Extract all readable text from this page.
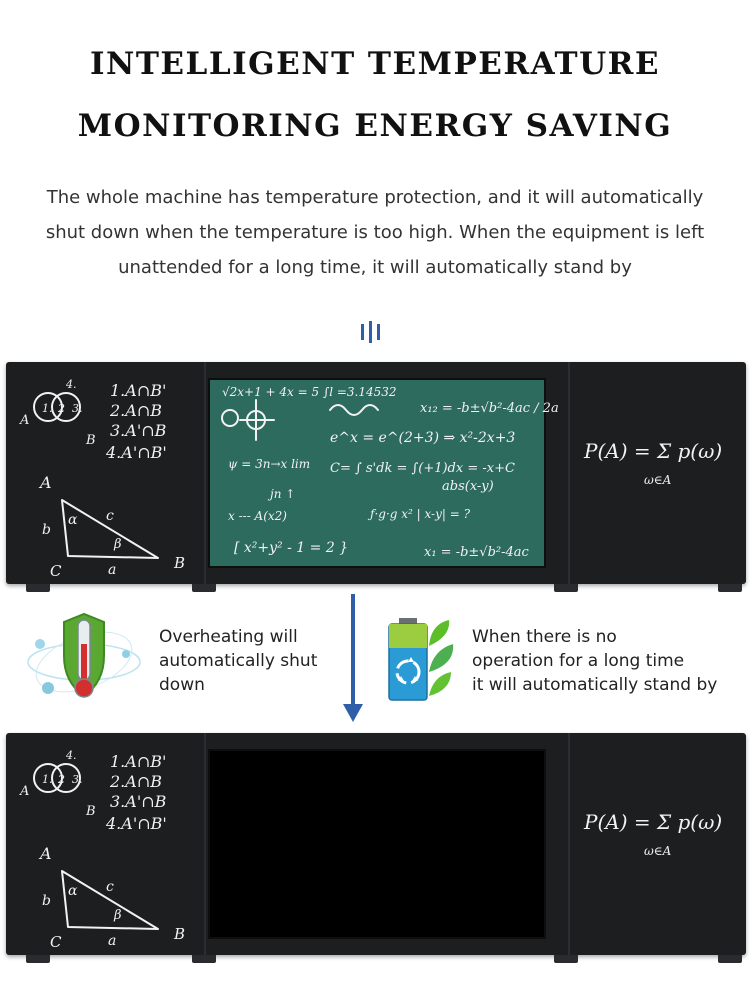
INTELLIGENT TEMPERATURE
MONITORING ENERGY SAVING

The whole machine has temperature protection, and it will automatically shut down when the temperature is too high. When the equipment is left unattended for a long time, it will automatically stand by

1. 2 3.
4.
A
B
1.A∩B'
2.A∩B
3.A'∩B
4.A'∩B'
A
α
β
b
c
a
C	B
√2x+1 + 4x = 5 ∫l =3.14532
x₁₂ = -b±√b²-4ac / 2a
e^x = e^(2+3) ⇒ x²-2x+3
ψ = 3n→x lim C= ∫ s'dk = ∫(+1)dx = -x+C
abs(x-y)
jn ↑
x --- A(x2)	ƒ·g·g x² | x-y| = ?
[ x²+y² - 1 = 2 }	x₁ = -b±√b²-4ac
P(A) = Σ p(ω)
ω∈A
Overheating will
automatically shut
down
When there is no
operation for a long time
it will automatically stand by
1. 2 3.
4.
A
B
1.A∩B'
2.A∩B
3.A'∩B
4.A'∩B'
A
α
β
b
c
a
C	B
P(A) = Σ p(ω)
ω∈A
